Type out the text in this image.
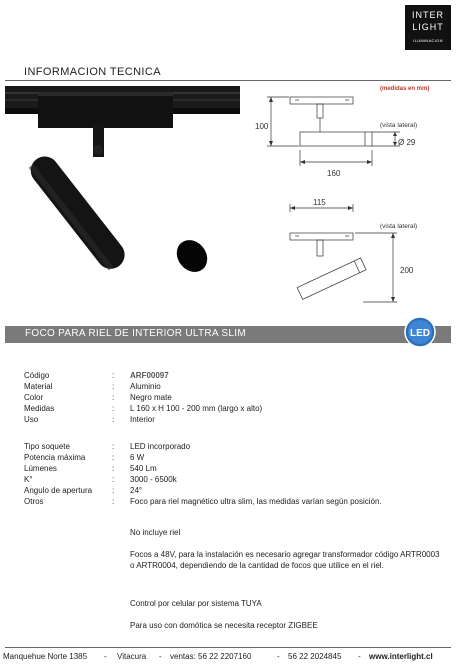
INTER
LIGHT
ILUMINACION
INFORMACION TECNICA
(medidas en mm)
100	(vista lateral)
Ø 29
160
115
(vista lateral)
200
FOCO PARA RIEL DE INTERIOR ULTRA SLIM	LED
Código	: ARF00097
Material	: Aluminio
Color	: Negro mate
Medidas	: L 160 x H 100 - 200 mm (largo x alto)
Uso	: Interior
Tipo soquete	: LED incorporado
Potencia máxima	: 6 W
Lúmenes	: 540 Lm
K°	: 3000 - 6500k
Angulo de apertura	: 24°
Otros	: Foco para riel magnético ultra slim, las medidas varían según posición.
No incluye riel
Focos a 48V, para la instalación es necesario agregar transformador código ARTR0003 o ARTR0004, dependiendo de la cantidad de focos que utilice en el riel.
Control por celular por sistema TUYA
Para uso con domótica se necesita receptor ZIGBEE
Manquehue Norte 1385 - Vitacura - ventas: 56 22 2207160	- 56 22 2024845 - www.interlight.cl
